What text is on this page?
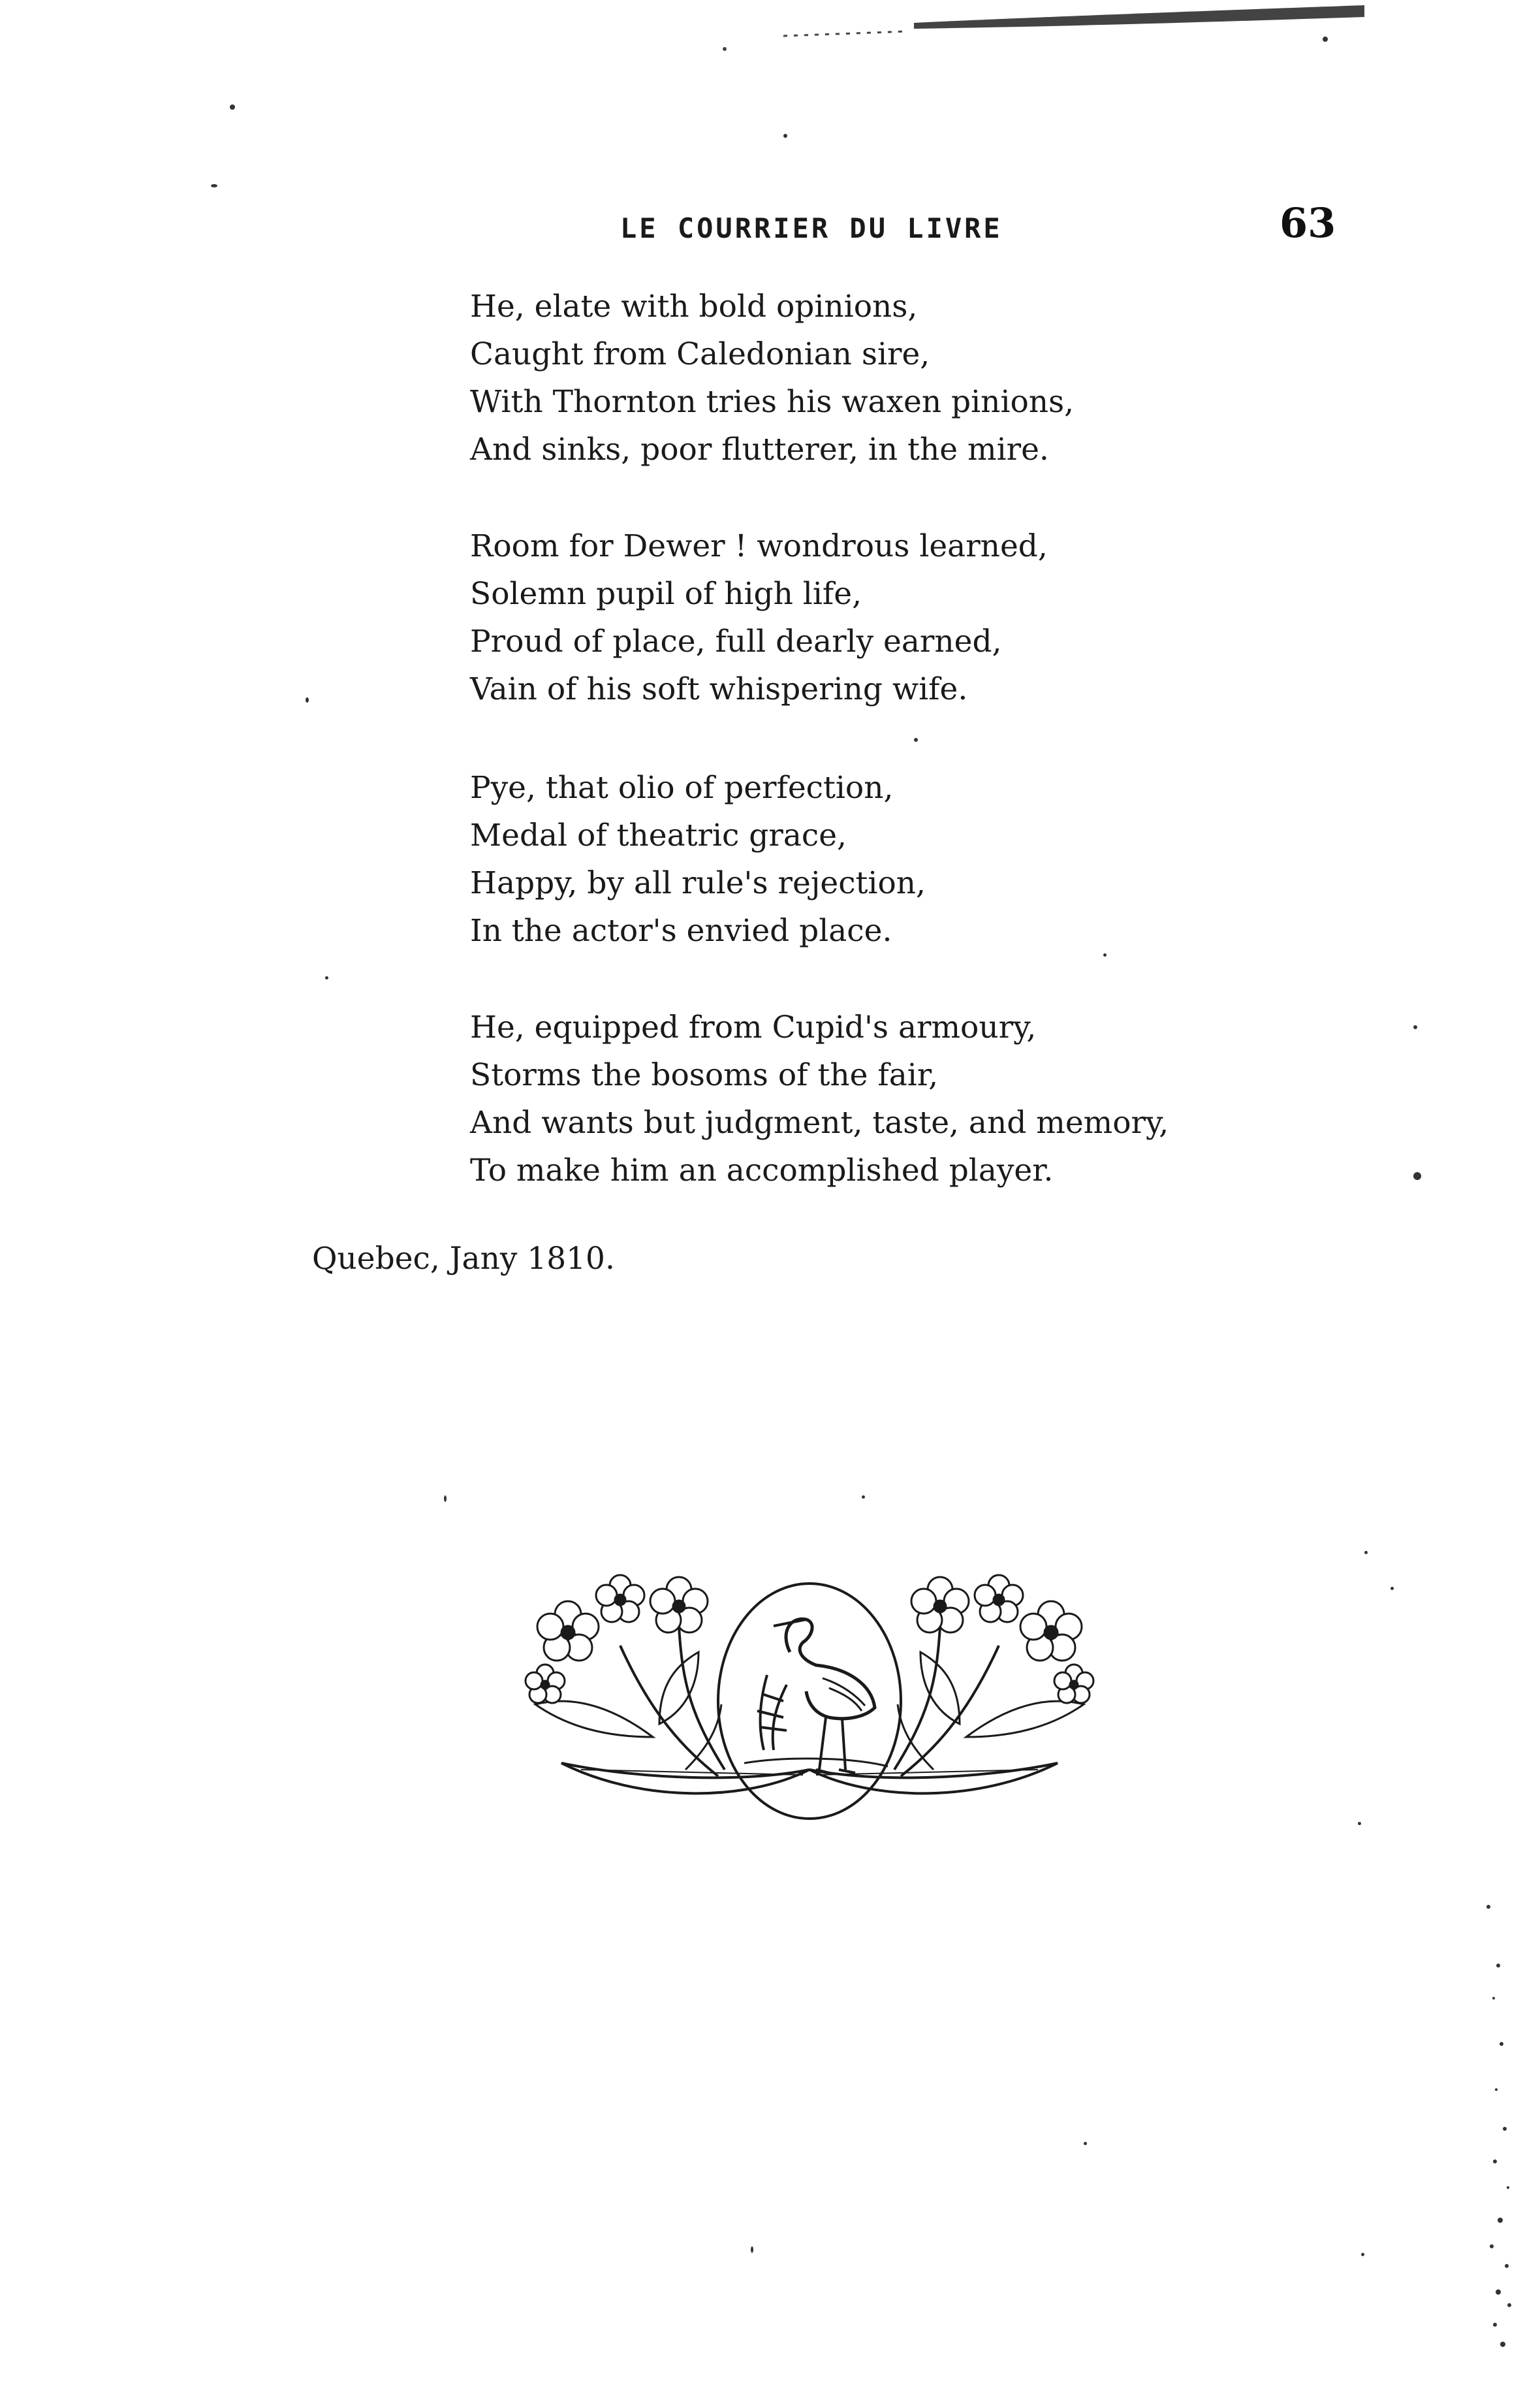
LE COURRIER DU LIVRE	63
He, elate with bold opinions,
Caught from Caledonian sire,
With Thornton tries his waxen pinions,
And sinks, poor flutterer, in the mire.
Room for Dewer ! wondrous learned,
Solemn pupil of high life,
Proud of place, full dearly earned,
Vain of his soft whispering wife.
Pye, that olio of perfection,
Medal of theatric grace,
Happy, by all rule's rejection,
In the actor's envied place.
He, equipped from Cupid's armoury,
Storms the bosoms of the fair,
And wants but judgment, taste, and memory,
To make him an accomplished player.
Quebec, Jany 1810.
